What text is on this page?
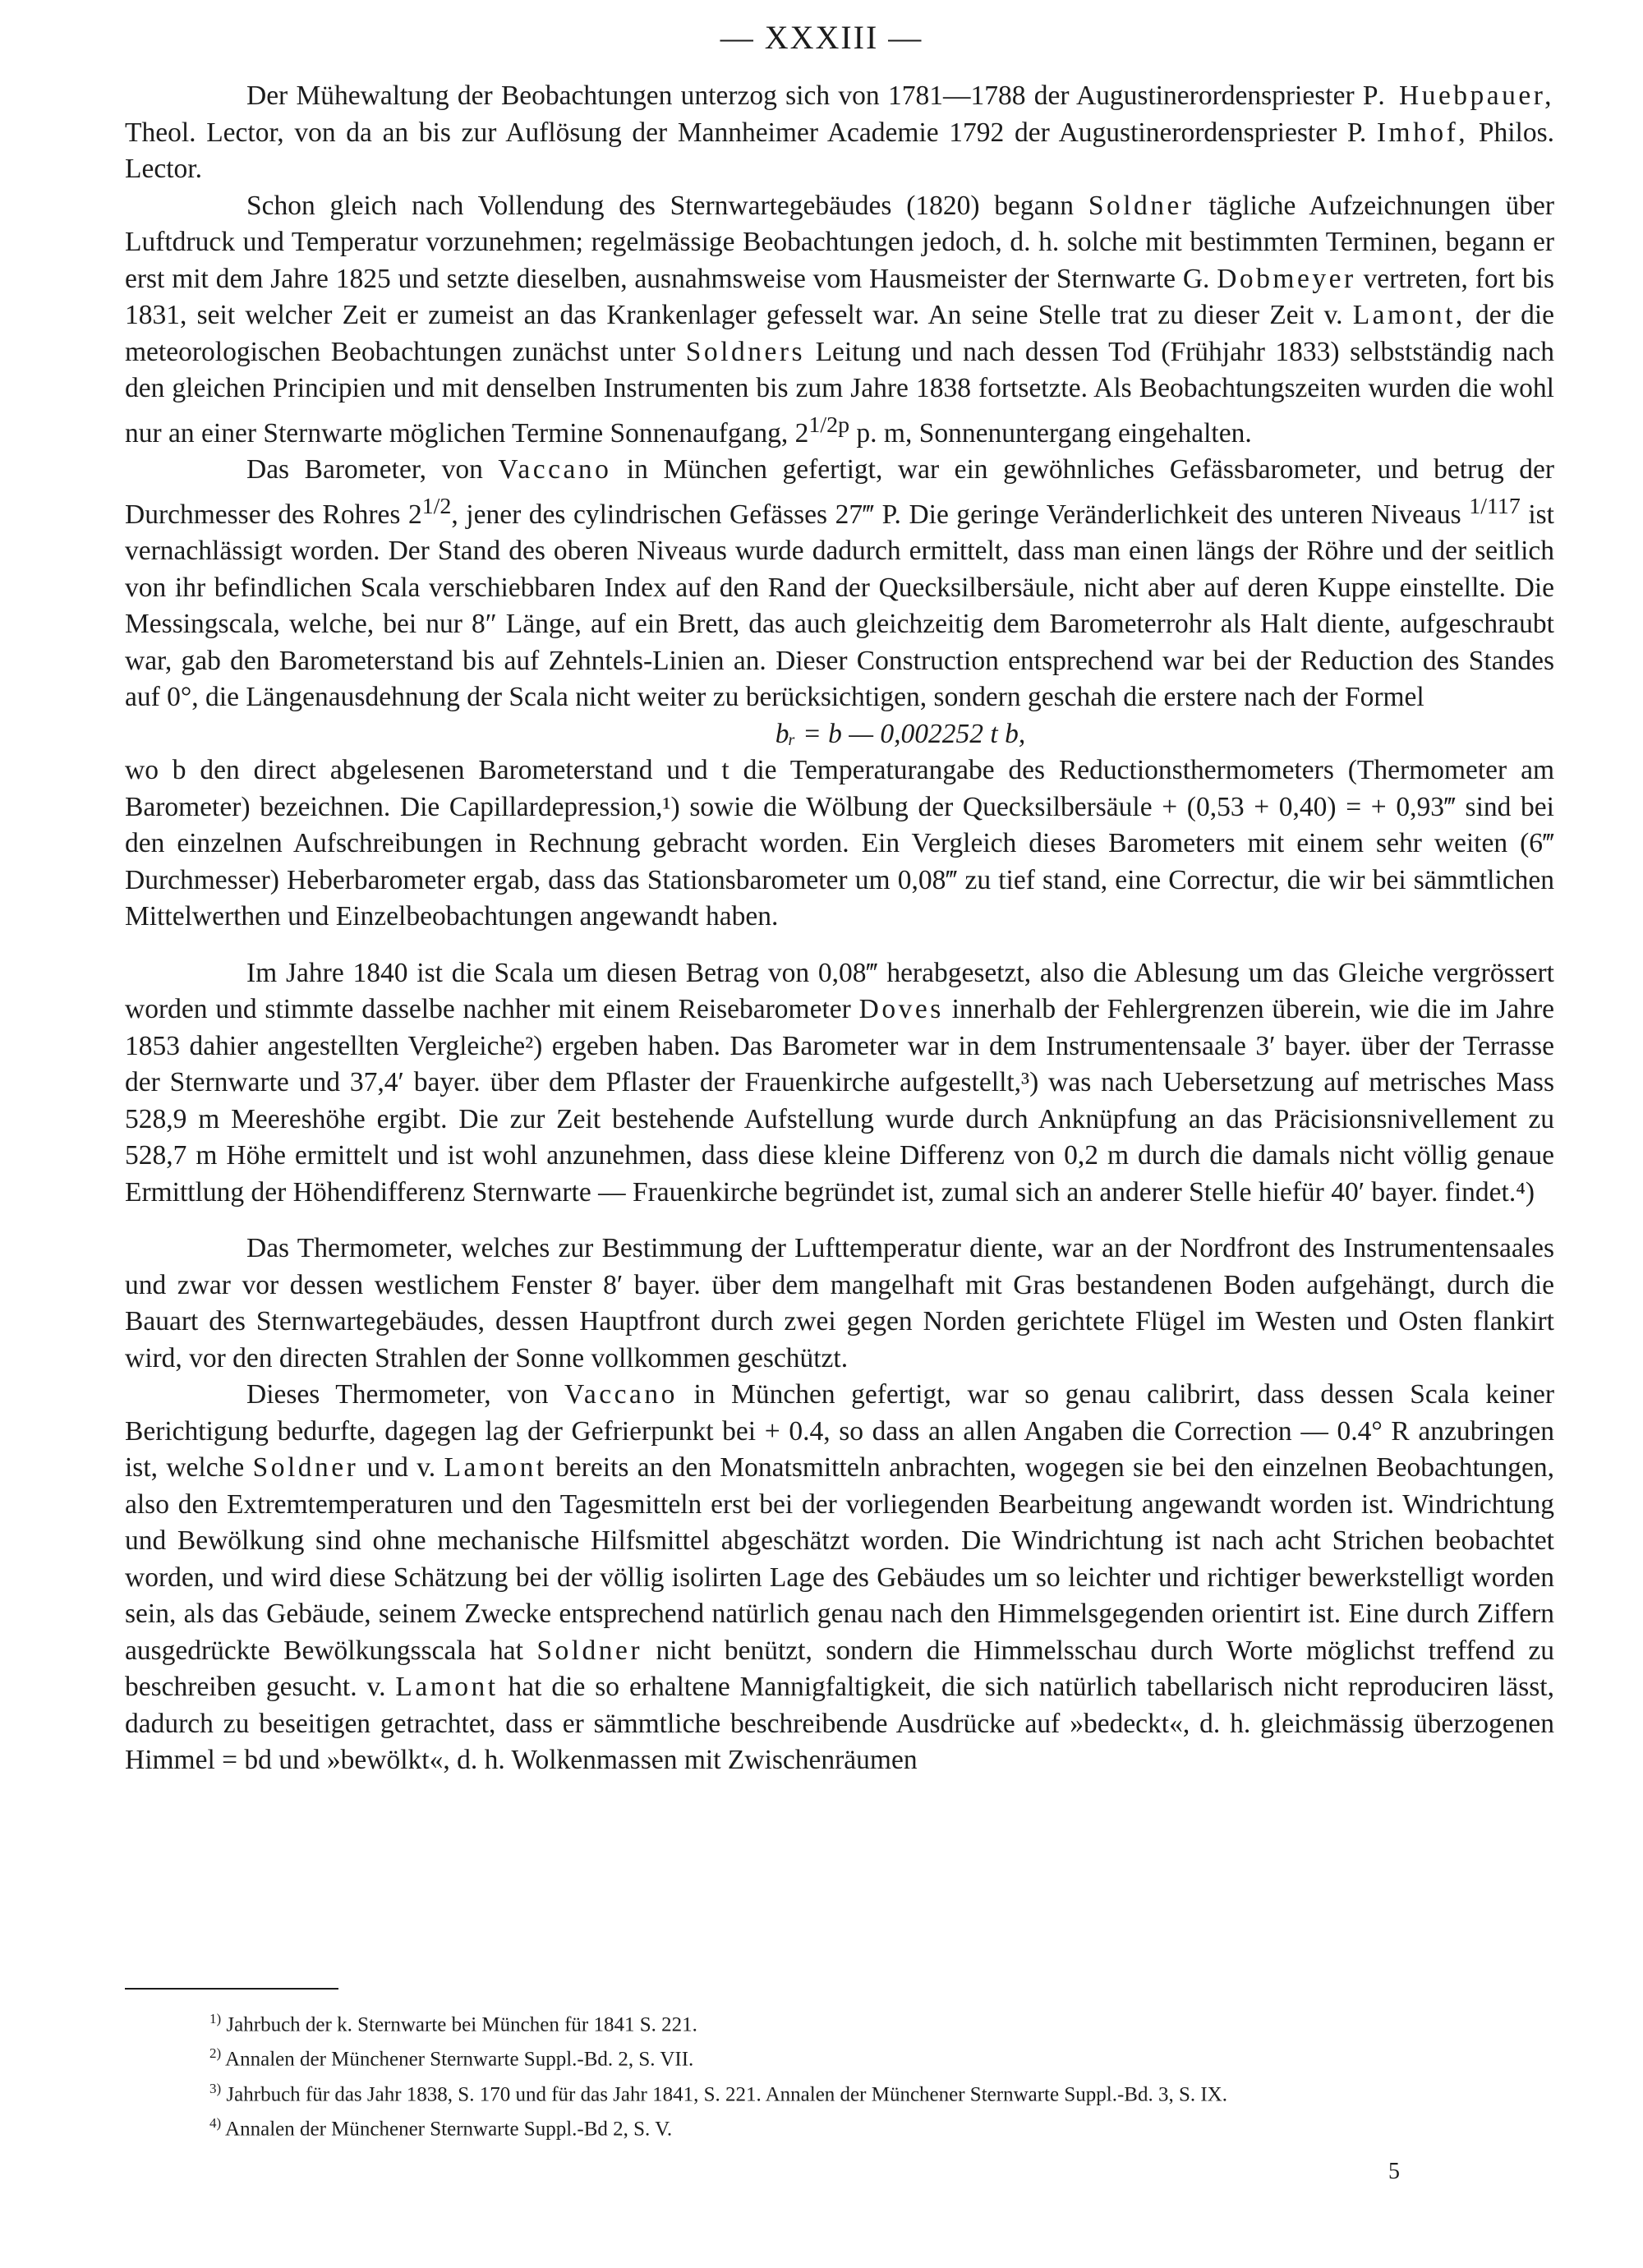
— XXXIII —

Der Mühewaltung der Beobachtungen unterzog sich von 1781—1788 der Augustinerordenspriester P. Huebpauer, Theol. Lector, von da an bis zur Auflösung der Mannheimer Academie 1792 der Augustinerordenspriester P. Imhof, Philos. Lector.

Schon gleich nach Vollendung des Sternwartegebäudes (1820) begann Soldner tägliche Aufzeichnungen über Luftdruck und Temperatur vorzunehmen; regelmässige Beobachtungen jedoch, d. h. solche mit bestimmten Terminen, begann er erst mit dem Jahre 1825 und setzte dieselben, ausnahmsweise vom Hausmeister der Sternwarte G. Dobmeyer vertreten, fort bis 1831, seit welcher Zeit er zumeist an das Krankenlager gefesselt war. An seine Stelle trat zu dieser Zeit v. Lamont, der die meteorologischen Beobachtungen zunächst unter Soldners Leitung und nach dessen Tod (Frühjahr 1833) selbstständig nach den gleichen Principien und mit denselben Instrumenten bis zum Jahre 1838 fortsetzte. Als Beobachtungszeiten wurden die wohl nur an einer Sternwarte möglichen Termine Sonnenaufgang, $2^{1/2p}$ p. m, Sonnenuntergang eingehalten.

Das Barometer, von Vaccano in München gefertigt, war ein gewöhnliches Gefässbarometer, und betrug der Durchmesser des Rohres $2^{1/2}$, jener des cylindrischen Gefässes 27‴ P. Die geringe Veränderlichkeit des unteren Niveaus $^{1/117}$ ist vernachlässigt worden. Der Stand des oberen Niveaus wurde dadurch ermittelt, dass man einen längs der Röhre und der seitlich von ihr befindlichen Scala verschiebbaren Index auf den Rand der Quecksilbersäule, nicht aber auf deren Kuppe einstellte. Die Messingscala, welche, bei nur 8″ Länge, auf ein Brett, das auch gleichzeitig dem Barometerrohr als Halt diente, aufgeschraubt war, gab den Barometerstand bis auf Zehntels-Linien an. Dieser Construction entsprechend war bei der Reduction des Standes auf 0°, die Längenausdehnung der Scala nicht weiter zu berücksichtigen, sondern geschah die erstere nach der Formel

bᵣ = b — 0,002252 t b,

wo b den direct abgelesenen Barometerstand und t die Temperaturangabe des Reductionsthermometers (Thermometer am Barometer) bezeichnen. Die Capillardepression,¹) sowie die Wölbung der Quecksilbersäule + (0,53 + 0,40) = + 0,93‴ sind bei den einzelnen Aufschreibungen in Rechnung gebracht worden. Ein Vergleich dieses Barometers mit einem sehr weiten (6‴ Durchmesser) Heberbarometer ergab, dass das Stationsbarometer um 0,08‴ zu tief stand, eine Correctur, die wir bei sämmtlichen Mittelwerthen und Einzelbeobachtungen angewandt haben.

Im Jahre 1840 ist die Scala um diesen Betrag von 0,08‴ herabgesetzt, also die Ablesung um das Gleiche vergrössert worden und stimmte dasselbe nachher mit einem Reisebarometer Doves innerhalb der Fehlergrenzen überein, wie die im Jahre 1853 dahier angestellten Vergleiche²) ergeben haben. Das Barometer war in dem Instrumentensaale 3′ bayer. über der Terrasse der Sternwarte und 37,4′ bayer. über dem Pflaster der Frauenkirche aufgestellt,³) was nach Uebersetzung auf metrisches Mass 528,9 m Meereshöhe ergibt. Die zur Zeit bestehende Aufstellung wurde durch Anknüpfung an das Präcisionsnivellement zu 528,7 m Höhe ermittelt und ist wohl anzunehmen, dass diese kleine Differenz von 0,2 m durch die damals nicht völlig genaue Ermittlung der Höhendifferenz Sternwarte — Frauenkirche begründet ist, zumal sich an anderer Stelle hiefür 40′ bayer. findet.⁴)

Das Thermometer, welches zur Bestimmung der Lufttemperatur diente, war an der Nordfront des Instrumentensaales und zwar vor dessen westlichem Fenster 8′ bayer. über dem mangelhaft mit Gras bestandenen Boden aufgehängt, durch die Bauart des Sternwartegebäudes, dessen Hauptfront durch zwei gegen Norden gerichtete Flügel im Westen und Osten flankirt wird, vor den directen Strahlen der Sonne vollkommen geschützt.

Dieses Thermometer, von Vaccano in München gefertigt, war so genau calibrirt, dass dessen Scala keiner Berichtigung bedurfte, dagegen lag der Gefrierpunkt bei + 0.4, so dass an allen Angaben die Correction — 0.4° R anzubringen ist, welche Soldner und v. Lamont bereits an den Monatsmitteln anbrachten, wogegen sie bei den einzelnen Beobachtungen, also den Extremtemperaturen und den Tagesmitteln erst bei der vorliegenden Bearbeitung angewandt worden ist. Windrichtung und Bewölkung sind ohne mechanische Hilfsmittel abgeschätzt worden. Die Windrichtung ist nach acht Strichen beobachtet worden, und wird diese Schätzung bei der völlig isolirten Lage des Gebäudes um so leichter und richtiger bewerkstelligt worden sein, als das Gebäude, seinem Zwecke entsprechend natürlich genau nach den Himmelsgegenden orientirt ist. Eine durch Ziffern ausgedrückte Bewölkungsscala hat Soldner nicht benützt, sondern die Himmelsschau durch Worte möglichst treffend zu beschreiben gesucht. v. Lamont hat die so erhaltene Mannigfaltigkeit, die sich natürlich tabellarisch nicht reproduciren lässt, dadurch zu beseitigen getrachtet, dass er sämmtliche beschreibende Ausdrücke auf »bedeckt«, d. h. gleichmässig überzogenen Himmel = bd und »bewölkt«, d. h. Wolkenmassen mit Zwischenräumen

$^{1)}$ Jahrbuch der k. Sternwarte bei München für 1841 S. 221.
$^{2)}$ Annalen der Münchener Sternwarte Suppl.-Bd. 2, S. VII.
$^{3)}$ Jahrbuch für das Jahr 1838, S. 170 und für das Jahr 1841, S. 221. Annalen der Münchener Sternwarte Suppl.-Bd. 3, S. IX.
$^{4)}$ Annalen der Münchener Sternwarte Suppl.-Bd 2, S. V.
5
